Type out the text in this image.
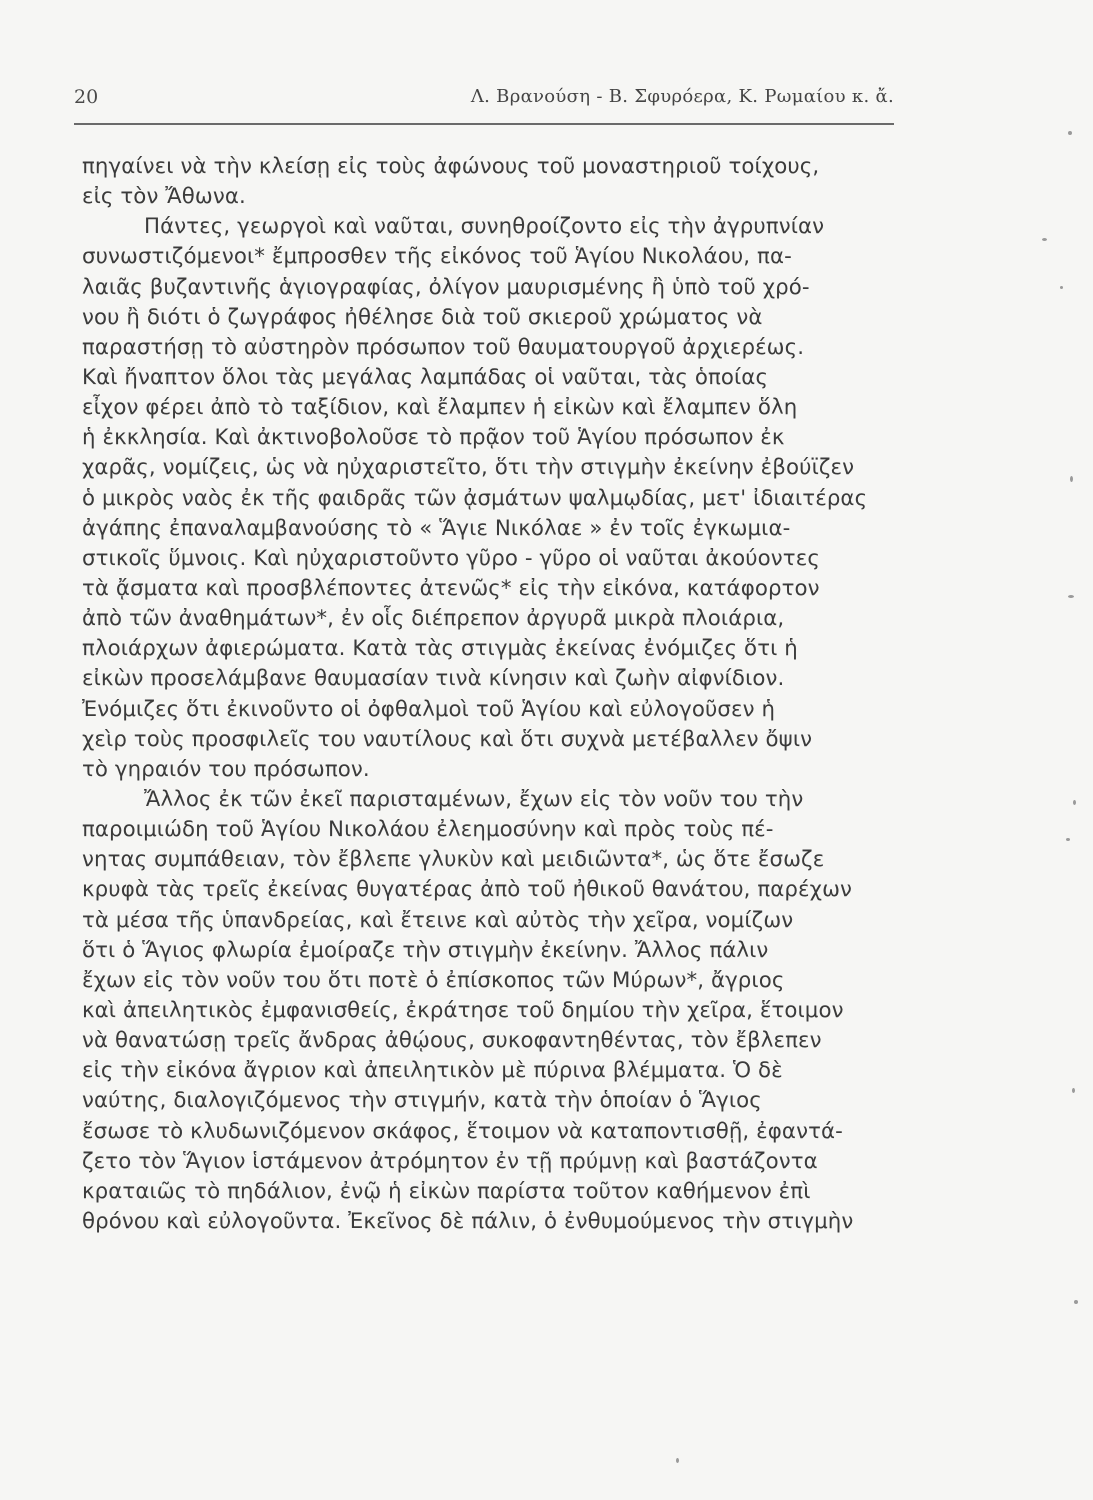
20	Λ. Βρανούση - Β. Σφυρόερα, Κ. Ρωμαίου κ. ἄ.
πηγαίνει νὰ τὴν κλείσῃ εἰς τοὺς ἀφώνους τοῦ μοναστηριοῦ τοίχους,
εἰς τὸν Ἄθωνα.
Πάντες, γεωργοὶ καὶ ναῦται, συνηθροίζοντο εἰς τὴν ἀγρυπνίαν
συνωστιζόμενοι* ἔμπροσθεν τῆς εἰκόνος τοῦ Ἁγίου Νικολάου, πα-
λαιᾶς βυζαντινῆς ἁγιογραφίας, ὀλίγον μαυρισμένης ἢ ὑπὸ τοῦ χρό-
νου ἢ διότι ὁ ζωγράφος ἠθέλησε διὰ τοῦ σκιεροῦ χρώματος νὰ
παραστήσῃ τὸ αὐστηρὸν πρόσωπον τοῦ θαυματουργοῦ ἀρχιερέως.
Καὶ ἤναπτον ὅλοι τὰς μεγάλας λαμπάδας οἱ ναῦται, τὰς ὁποίας
εἶχον φέρει ἀπὸ τὸ ταξίδιον, καὶ ἔλαμπεν ἡ εἰκὼν καὶ ἔλαμπεν ὅλη
ἡ ἐκκλησία. Καὶ ἀκτινοβολοῦσε τὸ πρᾷον τοῦ Ἁγίου πρόσωπον ἐκ
χαρᾶς, νομίζεις, ὡς νὰ ηὐχαριστεῖτο, ὅτι τὴν στιγμὴν ἐκείνην ἐβούϊζεν
ὁ μικρὸς ναὸς ἐκ τῆς φαιδρᾶς τῶν ᾀσμάτων ψαλμῳδίας, μετ' ἰδιαιτέρας
ἀγάπης ἐπαναλαμβανούσης τὸ « Ἅγιε Νικόλαε » ἐν τοῖς ἐγκωμια-
στικοῖς ὕμνοις. Καὶ ηὐχαριστοῦντο γῦρο - γῦρο οἱ ναῦται ἀκούοντες
τὰ ᾄσματα καὶ προσβλέποντες ἀτενῶς* εἰς τὴν εἰκόνα, κατάφορτον
ἀπὸ τῶν ἀναθημάτων*, ἐν οἷς διέπρεπον ἀργυρᾶ μικρὰ πλοιάρια,
πλοιάρχων ἀφιερώματα. Κατὰ τὰς στιγμὰς ἐκείνας ἐνόμιζες ὅτι ἡ
εἰκὼν προσελάμβανε θαυμασίαν τινὰ κίνησιν καὶ ζωὴν αἰφνίδιον.
Ἐνόμιζες ὅτι ἐκινοῦντο οἱ ὀφθαλμοὶ τοῦ Ἁγίου καὶ εὐλογοῦσεν ἡ
χεὶρ τοὺς προσφιλεῖς του ναυτίλους καὶ ὅτι συχνὰ μετέβαλλεν ὄψιν
τὸ γηραιόν του πρόσωπον.
Ἄλλος ἐκ τῶν ἐκεῖ παρισταμένων, ἔχων εἰς τὸν νοῦν του τὴν
παροιμιώδη τοῦ Ἁγίου Νικολάου ἐλεημοσύνην καὶ πρὸς τοὺς πέ-
νητας συμπάθειαν, τὸν ἔβλεπε γλυκὺν καὶ μειδιῶντα*, ὡς ὅτε ἔσωζε
κρυφὰ τὰς τρεῖς ἐκείνας θυγατέρας ἀπὸ τοῦ ἠθικοῦ θανάτου, παρέχων
τὰ μέσα τῆς ὑπανδρείας, καὶ ἔτεινε καὶ αὐτὸς τὴν χεῖρα, νομίζων
ὅτι ὁ Ἅγιος φλωρία ἐμοίραζε τὴν στιγμὴν ἐκείνην. Ἄλλος πάλιν
ἔχων εἰς τὸν νοῦν του ὅτι ποτὲ ὁ ἐπίσκοπος τῶν Μύρων*, ἄγριος
καὶ ἀπειλητικὸς ἐμφανισθείς, ἐκράτησε τοῦ δημίου τὴν χεῖρα, ἕτοιμον
νὰ θανατώσῃ τρεῖς ἄνδρας ἀθῴους, συκοφαντηθέντας, τὸν ἔβλεπεν
εἰς τὴν εἰκόνα ἄγριον καὶ ἀπειλητικὸν μὲ πύρινα βλέμματα. Ὁ δὲ
ναύτης, διαλογιζόμενος τὴν στιγμήν, κατὰ τὴν ὁποίαν ὁ Ἅγιος
ἔσωσε τὸ κλυδωνιζόμενον σκάφος, ἕτοιμον νὰ καταποντισθῇ, ἐφαντά-
ζετο τὸν Ἅγιον ἱστάμενον ἀτρόμητον ἐν τῇ πρύμνῃ καὶ βαστάζοντα
κραταιῶς τὸ πηδάλιον, ἐνῷ ἡ εἰκὼν παρίστα τοῦτον καθήμενον ἐπὶ
θρόνου καὶ εὐλογοῦντα. Ἐκεῖνος δὲ πάλιν, ὁ ἐνθυμούμενος τὴν στιγμὴν
